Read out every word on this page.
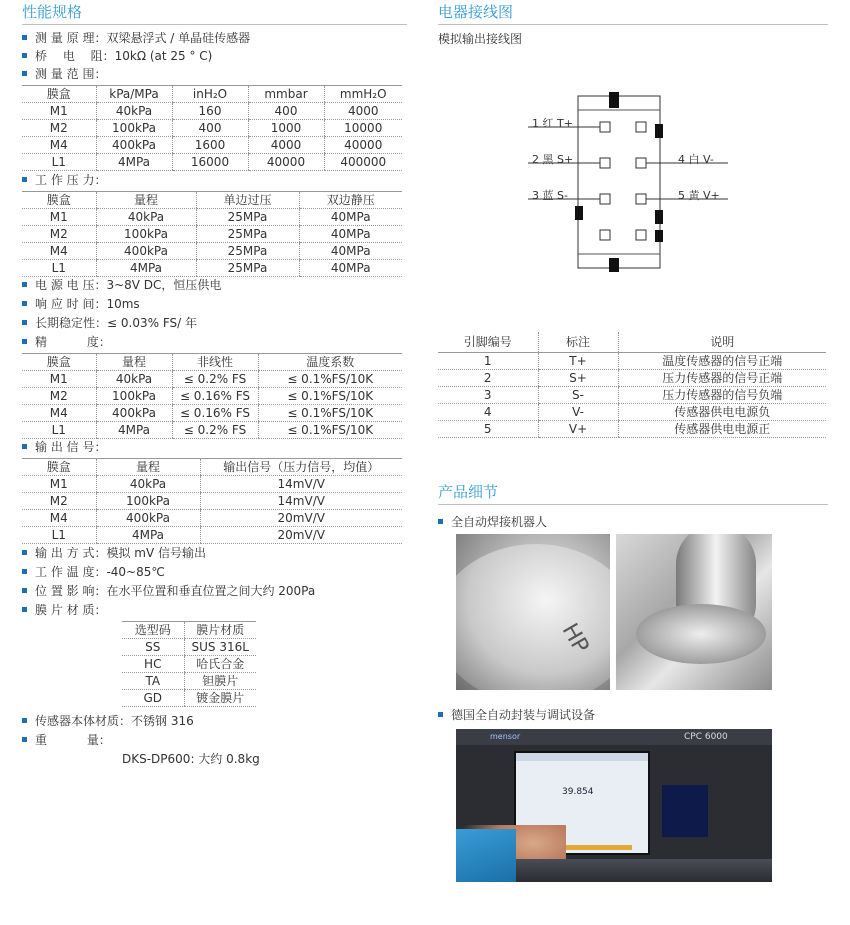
性能规格
测 量 原 理：双梁悬浮式 / 单晶硅传感器
桥　 电　 阻：10kΩ (at 25 ° C)
测 量 范 围：
膜盒	kPa/MPa	inH₂O	mmbar	mmH₂O
M1	40kPa	160	400	4000
M2	100kPa	400	1000	10000
M4	400kPa	1600	4000	40000
L1	4MPa	16000	40000	400000
工 作 压 力：
膜盒	量程	单边过压	双边静压
M1	40kPa	25MPa	40MPa
M2	100kPa	25MPa	40MPa
M4	400kPa	25MPa	40MPa
L1	4MPa	25MPa	40MPa
电 源 电 压：3~8V DC，恒压供电
响 应 时 间：10ms
长期稳定性：≤ 0.03% FS/ 年
精　　　 度：
膜盒	量程	非线性	温度系数
M1	40kPa	≤ 0.2% FS	≤ 0.1%FS/10K
M2	100kPa	≤ 0.16% FS	≤ 0.1%FS/10K
M4	400kPa	≤ 0.16% FS	≤ 0.1%FS/10K
L1	4MPa	≤ 0.2% FS	≤ 0.1%FS/10K
输 出 信 号：
膜盒	量程	输出信号（压力信号，均值）
M1	40kPa	14mV/V
M2	100kPa	14mV/V
M4	400kPa	20mV/V
L1	4MPa	20mV/V
输 出 方 式：模拟 mV 信号输出
工 作 温 度：-40~85℃
位 置 影 响：在水平位置和垂直位置之间大约 200Pa
膜 片 材 质：
选型码	膜片材质
SS	SUS 316L
HC	哈氏合金
TA	钽膜片
GD	镀金膜片
传感器本体材质：不锈钢 316
重　　　 量：
DKS-DP600: 大约 0.8kg
电器接线图
模拟输出接线图
1 红 T+
2 黑 S+
3 蓝 S-
4 白 V-
5 黄 V+
引脚编号	标注	说明
1	T+	温度传感器的信号正端
2	S+	压力传感器的信号正端
3	S-	压力传感器的信号负端
4	V-	传感器供电电源负
5	V+	传感器供电电源正
产品细节
全自动焊接机器人
HP
德国全自动封装与调试设备
mensor	CPC 6000
39.854
